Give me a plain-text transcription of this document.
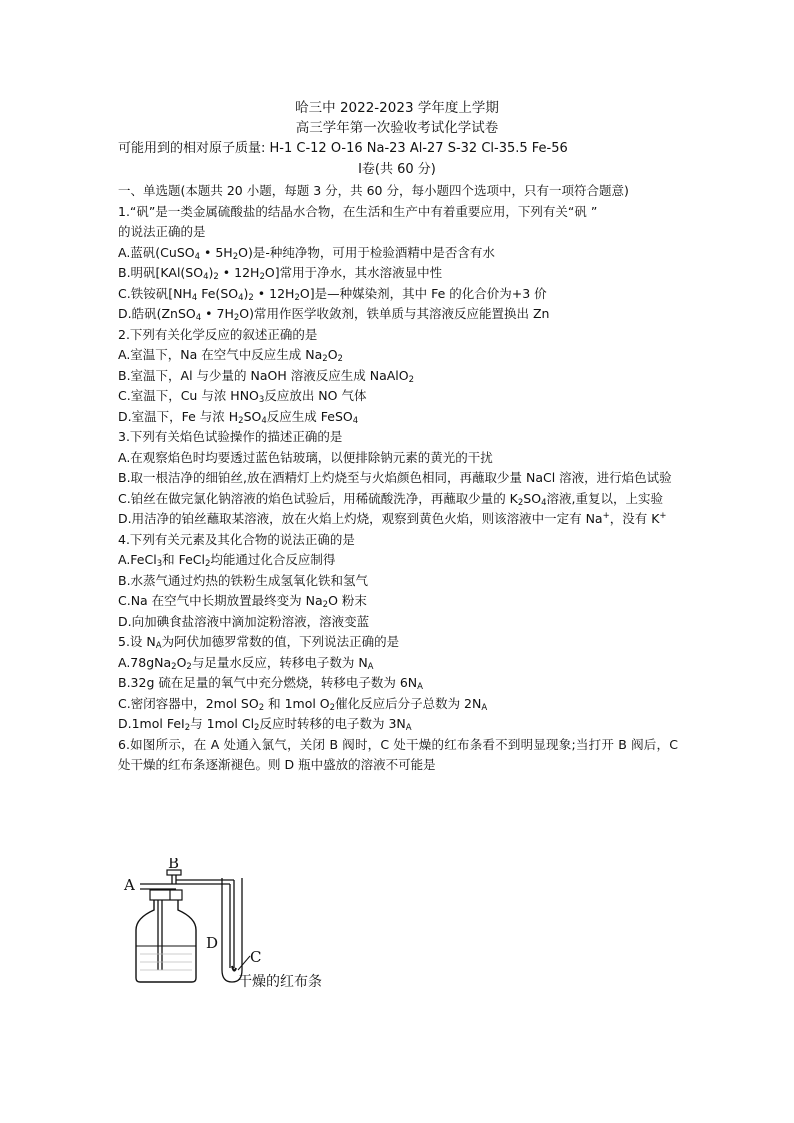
哈三中 2022-2023 学年度上学期
高三学年第一次验收考试化学试卷
可能用到的相对原子质量: H-1 C-12 O-16 Na-23 Al-27 S-32 Cl-35.5 Fe-56
Ⅰ卷(共 60 分)
一、单选题(本题共 20 小题，每题 3 分，共 60 分，每小题四个选项中，只有一项符合题意)
1.“矾”是一类金属硫酸盐的结晶水合物，在生活和生产中有着重要应用，下列有关“矾 ”
的说法正确的是
A.蓝矾(CuSO$_4$ • $5H_2O$)是-种纯净物，可用于检验酒精中是否含有水
B.明矾[$KAl(SO_4)_2$ • $12H_2O$]常用于净水，其水溶液显中性
C.铁铵矾[$NH_4$ $Fe(SO_4)_2$ • $12H_2O$]是—种媒染剂，其中 Fe 的化合价为+3 价
D.皓矾(ZnSO$_4$ • $7H_2O$)常用作医学收敛剂，铁单质与其溶液反应能置换出 Zn
2.下列有关化学反应的叙述正确的是
A.室温下，Na 在空气中反应生成 $Na_2O_2$
B.室温下，Al 与少量的 NaOH 溶液反应生成 NaAlO$_2$
C.室温下，Cu 与浓 $HNO_3$反应放出 NO 气体
D.室温下，Fe 与浓 $H_2SO_4$反应生成 FeSO$_4$
3.下列有关焰色试验操作的描述正确的是
A.在观察焰色时均要透过蓝色钴玻璃，以便排除钠元素的黄光的干扰
B.取一根洁净的细铂丝,放在酒精灯上灼烧至与火焰颜色相同，再蘸取少量 NaCl 溶液，进行焰色试验
C.铂丝在做完氯化钠溶液的焰色试验后，用稀硫酸洗净，再蘸取少量的 $K_2SO_4$溶液,重复以，上实验
D.用洁净的铂丝蘸取某溶液，放在火焰上灼烧，观察到黄色火焰，则该溶液中一定有 Na+，没有 K+
4.下列有关元素及其化合物的说法正确的是
A.FeCl$_3$和 FeCl$_2$均能通过化合反应制得
B.水蒸气通过灼热的铁粉生成氢氧化铁和氢气
C.Na 在空气中长期放置最终变为 $Na_2O$ 粉末
D.向加碘食盐溶液中滴加淀粉溶液，溶液变蓝
5.设 $N_A$为阿伏加德罗常数的值，下列说法正确的是
$A.78gNa_2O_2$与足量水反应，转移电子数为 $N_A$
B.32g 硫在足量的氧气中充分燃烧，转移电子数为 $6N_A$
C.密闭容器中，2mol $SO_2$ 和 1mol $O_2$催化反应后分子总数为 $2N_A$
D.1mol FeI$_2$与 1mol $Cl_2$反应时转移的电子数为 $3N_A$
6.如图所示，在 A 处通入氯气，关闭 B 阀时，C 处干燥的红布条看不到明显现象;当打开 B 阀后，C 处干燥的红布条逐渐褪色。则 D 瓶中盛放的溶液不可能是
A
B
D
C
干燥的红布条
